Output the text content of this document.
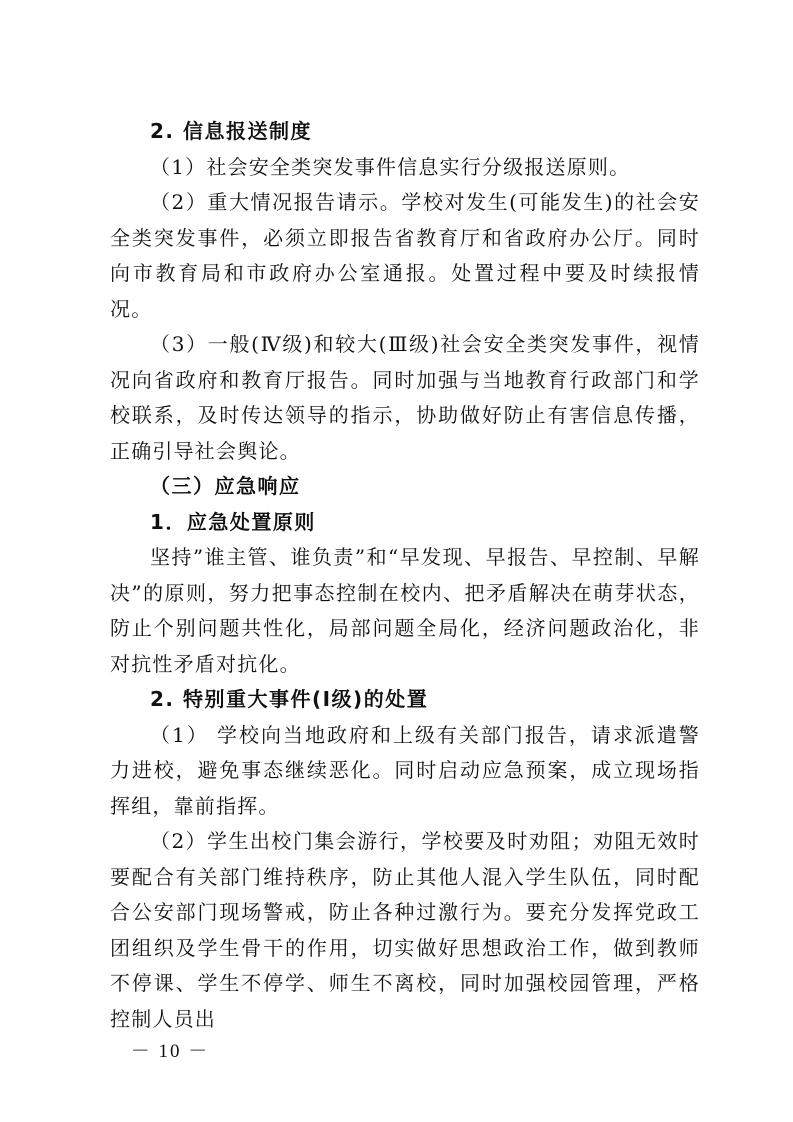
2. 信息报送制度

（1）社会安全类突发事件信息实行分级报送原则。

（2）重大情况报告请示。学校对发生(可能发生)的社会安全类突发事件，必须立即报告省教育厅和省政府办公厅。同时向市教育局和市政府办公室通报。处置过程中要及时续报情况。

（3）一般(Ⅳ级)和较大(Ⅲ级)社会安全类突发事件，视情况向省政府和教育厅报告。同时加强与当地教育行政部门和学校联系，及时传达领导的指示，协助做好防止有害信息传播，正确引导社会舆论。

（三）应急响应

1．应急处置原则

坚持”谁主管、谁负责”和“早发现、早报告、早控制、早解决”的原则，努力把事态控制在校内、把矛盾解决在萌芽状态，防止个别问题共性化，局部问题全局化，经济问题政治化，非对抗性矛盾对抗化。

2. 特别重大事件(Ⅰ级)的处置

（1） 学校向当地政府和上级有关部门报告，请求派遣警力进校，避免事态继续恶化。同时启动应急预案，成立现场指挥组，靠前指挥。

（2）学生出校门集会游行，学校要及时劝阻；劝阻无效时要配合有关部门维持秩序，防止其他人混入学生队伍，同时配合公安部门现场警戒，防止各种过激行为。要充分发挥党政工团组织及学生骨干的作用，切实做好思想政治工作，做到教师不停课、学生不停学、师生不离校，同时加强校园管理，严格控制人员出

－ 10 －
